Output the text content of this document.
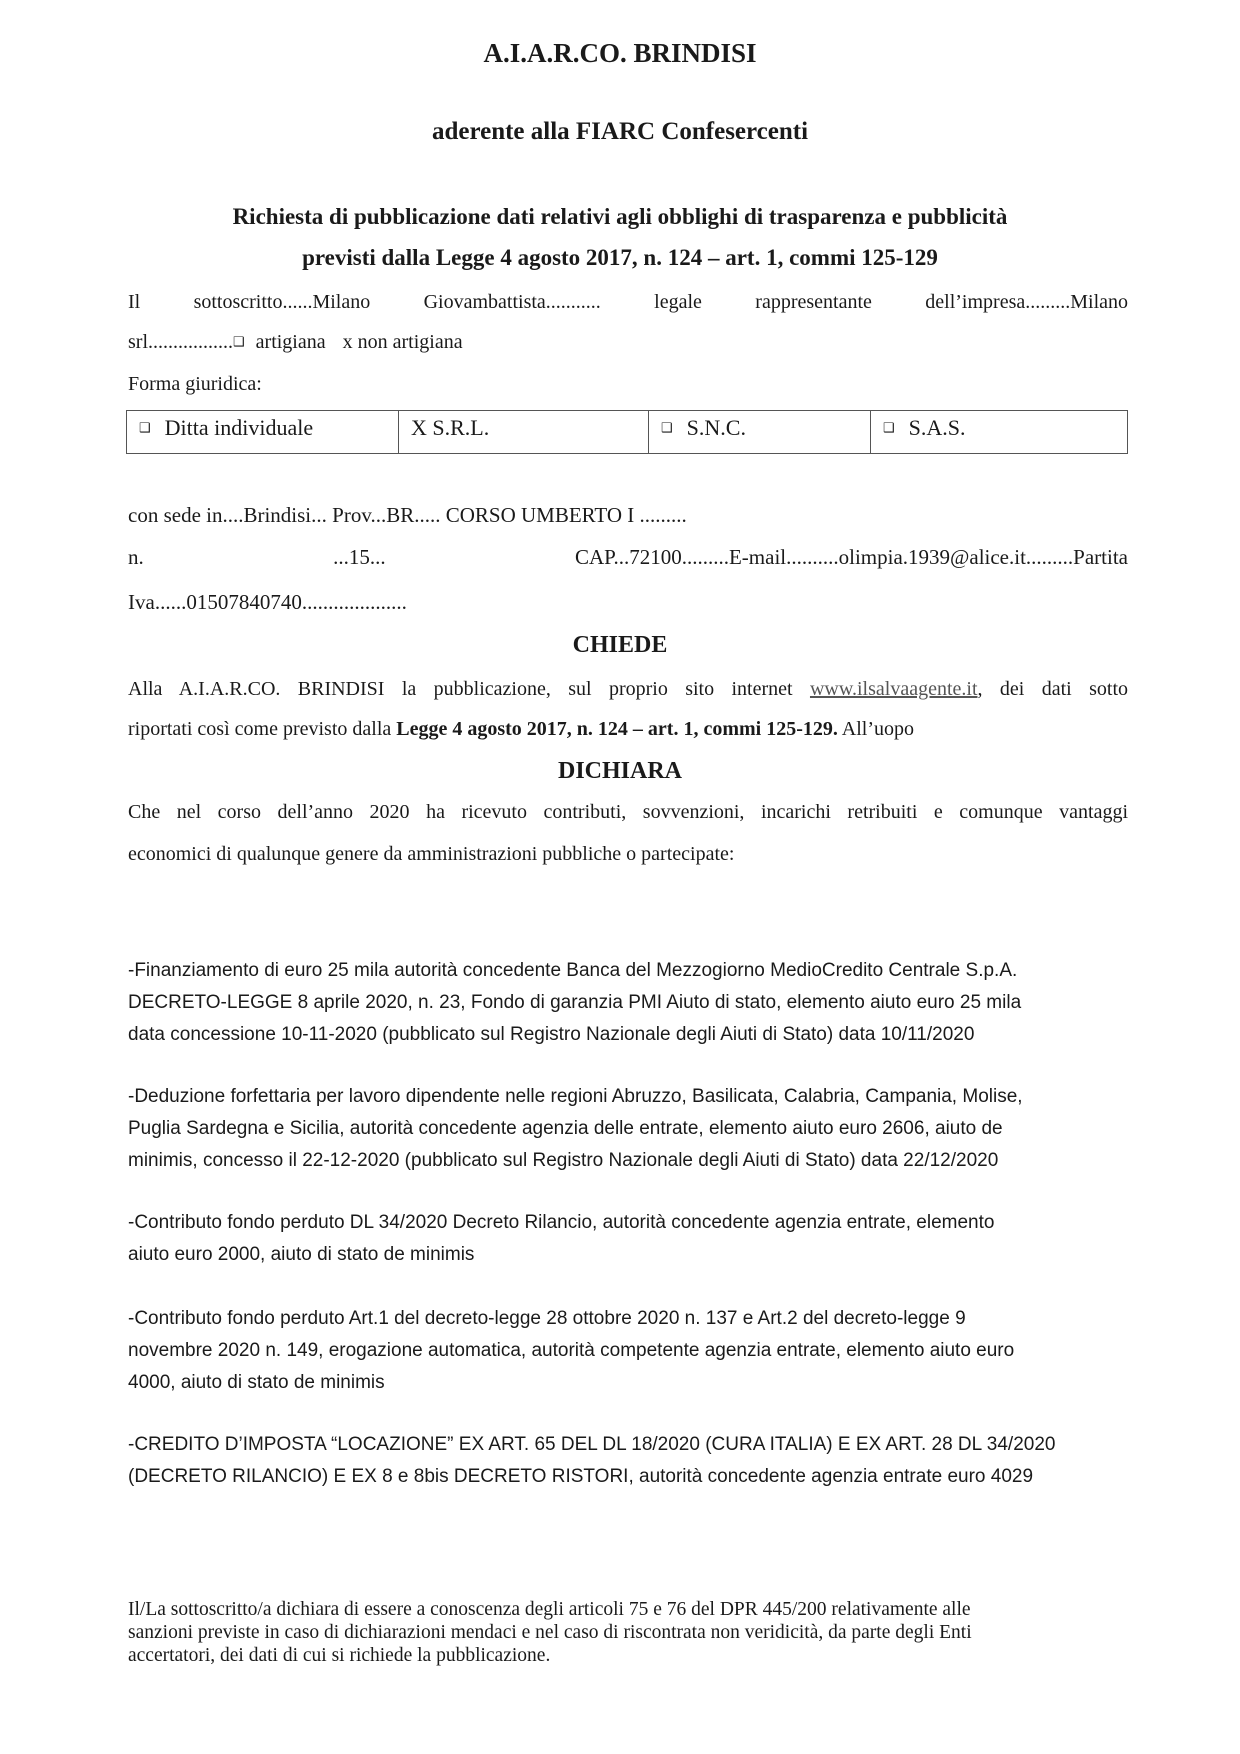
A.I.A.R.CO. BRINDISI
aderente alla FIARC Confesercenti
Richiesta di pubblicazione dati relativi agli obblighi di trasparenza e pubblicità
previsti dalla Legge 4 agosto 2017, n. 124 – art. 1, commi 125-129
Il sottoscritto......Milano Giovambattista........... legale rappresentante dell’impresa.........Milano
srl.................❑ artigiana x non artigiana
Forma giuridica:
❑ Ditta individuale	X S.R.L.	❑ S.N.C.	❑ S.A.S.
con sede in....Brindisi... Prov...BR..... CORSO UMBERTO I .........
n. ...15... CAP...72100.........E-mail..........olimpia.1939@alice.it.........Partita
Iva......01507840740....................
CHIEDE
Alla A.I.A.R.CO. BRINDISI la pubblicazione, sul proprio sito internet www.ilsalvaagente.it, dei dati sotto
riportati così come previsto dalla Legge 4 agosto 2017, n. 124 – art. 1, commi 125-129. All’uopo
DICHIARA
Che nel corso dell’anno 2020 ha ricevuto contributi, sovvenzioni, incarichi retribuiti e comunque vantaggi
economici di qualunque genere da amministrazioni pubbliche o partecipate:
-Finanziamento di euro 25 mila autorità concedente Banca del Mezzogiorno MedioCredito Centrale S.p.A.
DECRETO-LEGGE 8 aprile 2020, n. 23, Fondo di garanzia PMI Aiuto di stato, elemento aiuto euro 25 mila
data concessione 10-11-2020 (pubblicato sul Registro Nazionale degli Aiuti di Stato) data 10/11/2020
-Deduzione forfettaria per lavoro dipendente nelle regioni Abruzzo, Basilicata, Calabria, Campania, Molise,
Puglia Sardegna e Sicilia, autorità concedente agenzia delle entrate, elemento aiuto euro 2606, aiuto de
minimis, concesso il 22-12-2020 (pubblicato sul Registro Nazionale degli Aiuti di Stato) data 22/12/2020
-Contributo fondo perduto DL 34/2020 Decreto Rilancio, autorità concedente agenzia entrate, elemento
aiuto euro 2000, aiuto di stato de minimis
-Contributo fondo perduto Art.1 del decreto-legge 28 ottobre 2020 n. 137 e Art.2 del decreto-legge 9
novembre 2020 n. 149, erogazione automatica, autorità competente agenzia entrate, elemento aiuto euro
4000, aiuto di stato de minimis
-CREDITO D’IMPOSTA “LOCAZIONE” EX ART. 65 DEL DL 18/2020 (CURA ITALIA) E EX ART. 28 DL 34/2020
(DECRETO RILANCIO) E EX 8 e 8bis DECRETO RISTORI, autorità concedente agenzia entrate euro 4029
Il/La sottoscritto/a dichiara di essere a conoscenza degli articoli 75 e 76 del DPR 445/200 relativamente alle
sanzioni previste in caso di dichiarazioni mendaci e nel caso di riscontrata non veridicità, da parte degli Enti
accertatori, dei dati di cui si richiede la pubblicazione.
